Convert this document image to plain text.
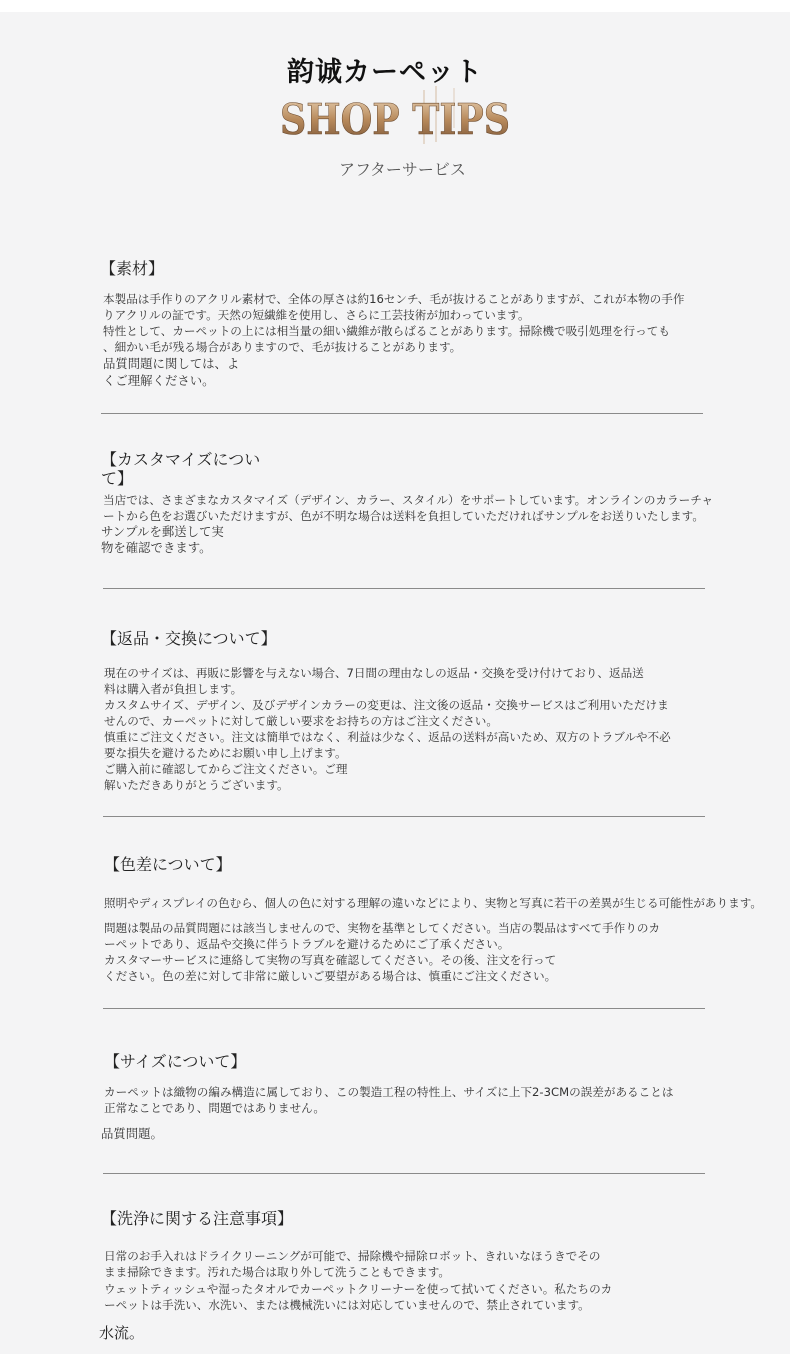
韵诚カーペット
SHOP TIPS
アフターサービス
【素材】
本製品は手作りのアクリル素材で、全体の厚さは約16センチ、毛が抜けることがありますが、これが本物の手作
りアクリルの証です。天然の短繊維を使用し、さらに工芸技術が加わっています。
特性として、カーペットの上には相当量の細い繊維が散らばることがあります。掃除機で吸引処理を行っても
、細かい毛が残る場合がありますので、毛が抜けることがあります。
品質問題に関しては、よ
くご理解ください。
【カスタマイズについ
て】
当店では、さまざまなカスタマイズ（デザイン、カラー、スタイル）をサポートしています。オンラインのカラーチャ
ートから色をお選びいただけますが、色が不明な場合は送料を負担していただければサンプルをお送りいたします。
サンプルを郵送して実
物を確認できます。
【返品・交換について】
現在のサイズは、再販に影響を与えない場合、7日間の理由なしの返品・交換を受け付けており、返品送
料は購入者が負担します。
カスタムサイズ、デザイン、及びデザインカラーの変更は、注文後の返品・交換サービスはご利用いただけま
せんので、カーペットに対して厳しい要求をお持ちの方はご注文ください。
慎重にご注文ください。注文は簡単ではなく、利益は少なく、返品の送料が高いため、双方のトラブルや不必
要な損失を避けるためにお願い申し上げます。
ご購入前に確認してからご注文ください。ご理
解いただきありがとうございます。
【色差について】
照明やディスプレイの色むら、個人の色に対する理解の違いなどにより、実物と写真に若干の差異が生じる可能性があります。
問題は製品の品質問題には該当しませんので、実物を基準としてください。当店の製品はすべて手作りのカ
ーペットであり、返品や交換に伴うトラブルを避けるためにご了承ください。
カスタマーサービスに連絡して実物の写真を確認してください。その後、注文を行って
ください。色の差に対して非常に厳しいご要望がある場合は、慎重にご注文ください。
【サイズについて】
カーペットは織物の編み構造に属しており、この製造工程の特性上、サイズに上下2-3CMの誤差があることは
正常なことであり、問題ではありません。
品質問題。
【洗浄に関する注意事項】
日常のお手入れはドライクリーニングが可能で、掃除機や掃除ロボット、きれいなほうきでその
まま掃除できます。汚れた場合は取り外して洗うこともできます。
ウェットティッシュや湿ったタオルでカーペットクリーナーを使って拭いてください。私たちのカ
ーペットは手洗い、水洗い、または機械洗いには対応していませんので、禁止されています。
水流。
